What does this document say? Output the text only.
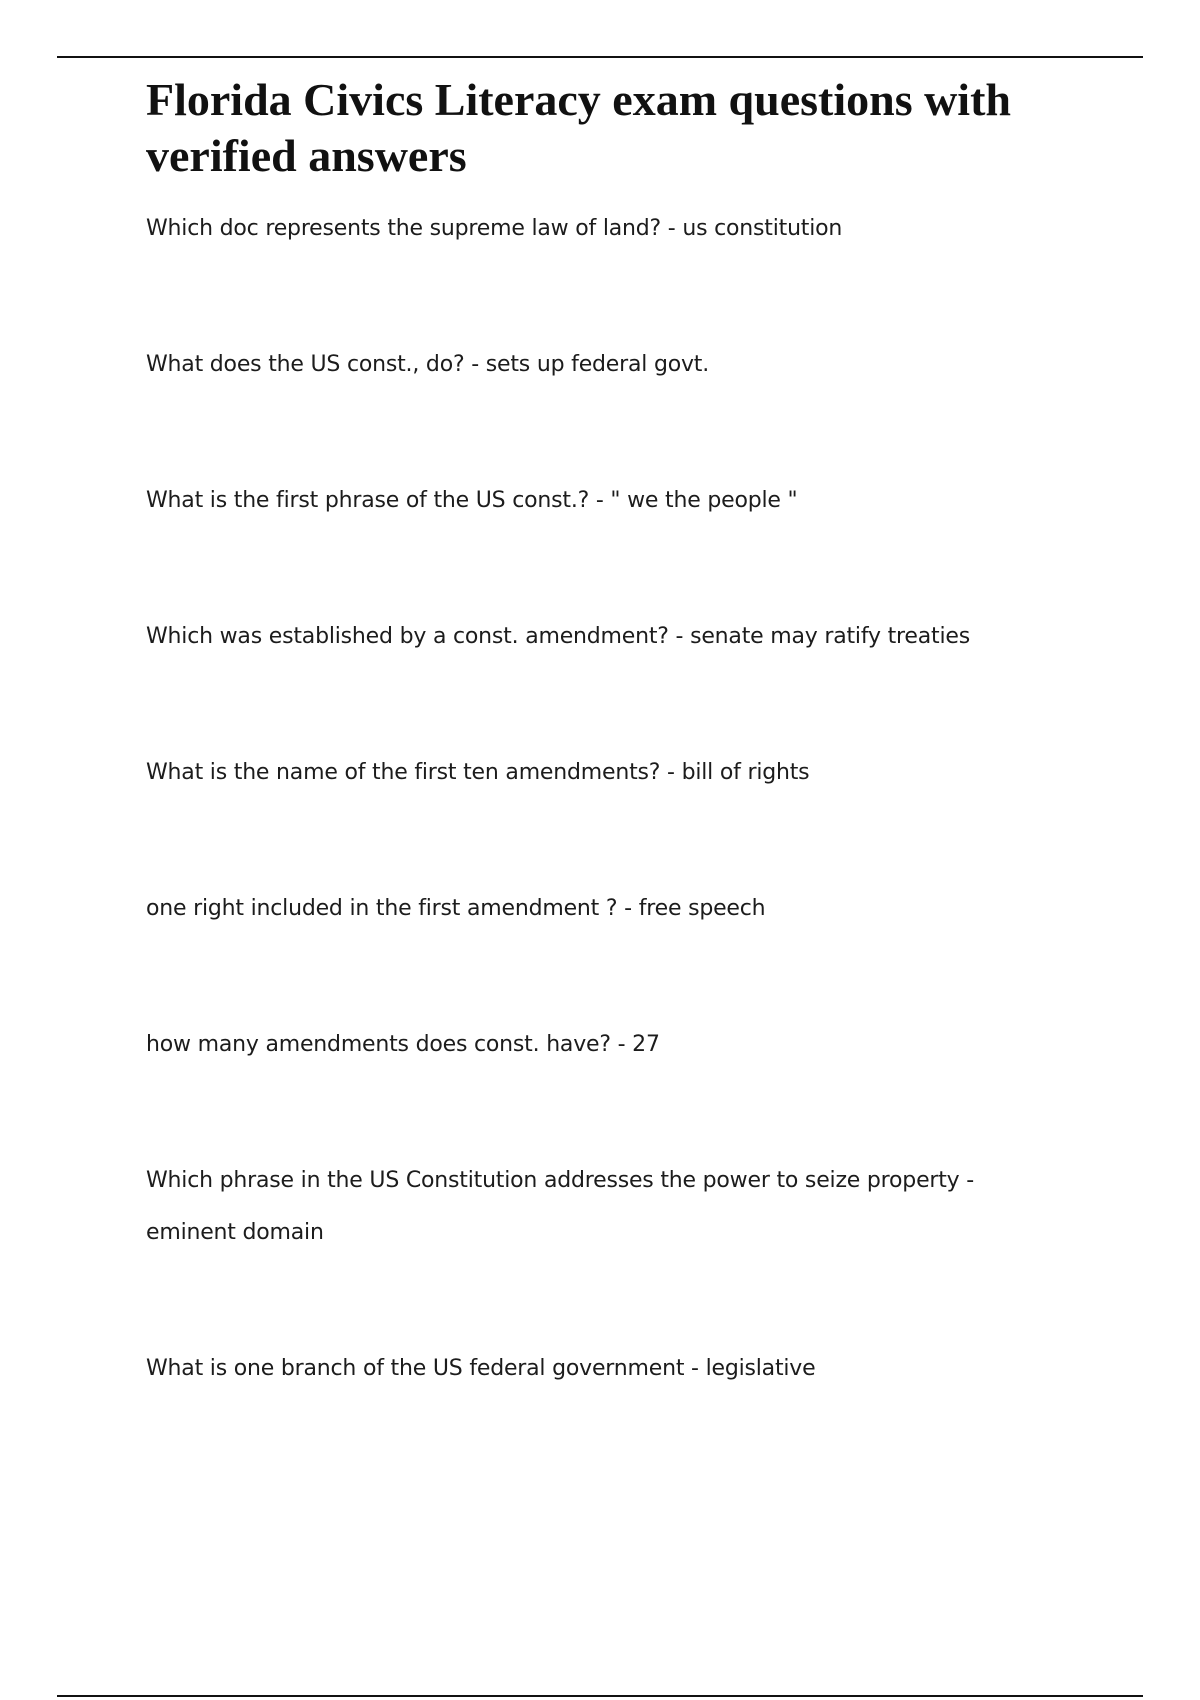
Florida Civics Literacy exam questions with verified answers

Which doc represents the supreme law of land? - us constitution

What does the US const., do? - sets up federal govt.

What is the first phrase of the US const.? - " we the people "

Which was established by a const. amendment? - senate may ratify treaties

What is the name of the first ten amendments? - bill of rights

one right included in the first amendment ? - free speech

how many amendments does const. have? - 27

Which phrase in the US Constitution addresses the power to seize property - eminent domain

What is one branch of the US federal government - legislative
